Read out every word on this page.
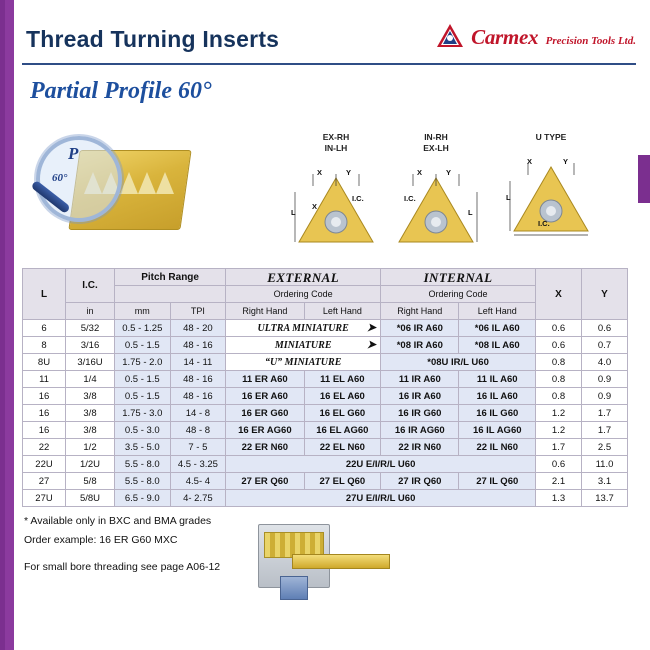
Thread Turning Inserts	Carmex Precision Tools Ltd.
Partial Profile 60°
P
60°
EX-RH
IN-LH
X	Y
X
L
I.C.
IN-RH
EX-LH
X	Y
I.C.
L
U TYPE
X	Y
L
I.C.
L	I.C.	Pitch Range		EXTERNAL		INTERNAL		X	Y
				Ordering Code		Ordering Code			
	in	mm	TPI	Right Hand	Left Hand	Right Hand	Left Hand		
6	5/32	0.5 - 1.25	48 - 20	ULTRA MINIATURE ➤		*06 IR A60	*06 IL A60	0.6	0.6
8	3/16	0.5 - 1.5	48 - 16	MINIATURE ➤		*08 IR A60	*08 IL A60	0.6	0.7
8U	3/16U	1.75 - 2.0	14 - 11	“U” MINIATURE		*08U IR/L U60		0.8	4.0
11	1/4	0.5 - 1.5	48 - 16	11 ER A60	11 EL A60	11 IR A60	11 IL A60	0.8	0.9
16	3/8	0.5 - 1.5	48 - 16	16 ER A60	16 EL A60	16 IR A60	16 IL A60	0.8	0.9
16	3/8	1.75 - 3.0	14 - 8	16 ER G60	16 EL G60	16 IR G60	16 IL G60	1.2	1.7
16	3/8	0.5 - 3.0	48 - 8	16 ER AG60	16 EL AG60	16 IR AG60	16 IL AG60	1.2	1.7
22	1/2	3.5 - 5.0	7 - 5	22 ER N60	22 EL N60	22 IR N60	22 IL N60	1.7	2.5
22U	1/2U	5.5 - 8.0	4.5 - 3.25	22U E/I/R/L U60				0.6	11.0
27	5/8	5.5 - 8.0	4.5- 4	27 ER Q60	27 EL Q60	27 IR Q60	27 IL Q60	2.1	3.1
27U	5/8U	6.5 - 9.0	4- 2.75	27U E/I/R/L U60				1.3	13.7
* Available only in BXC and BMA grades
Order example: 16 ER G60 MXC
For small bore threading see page A06-12
